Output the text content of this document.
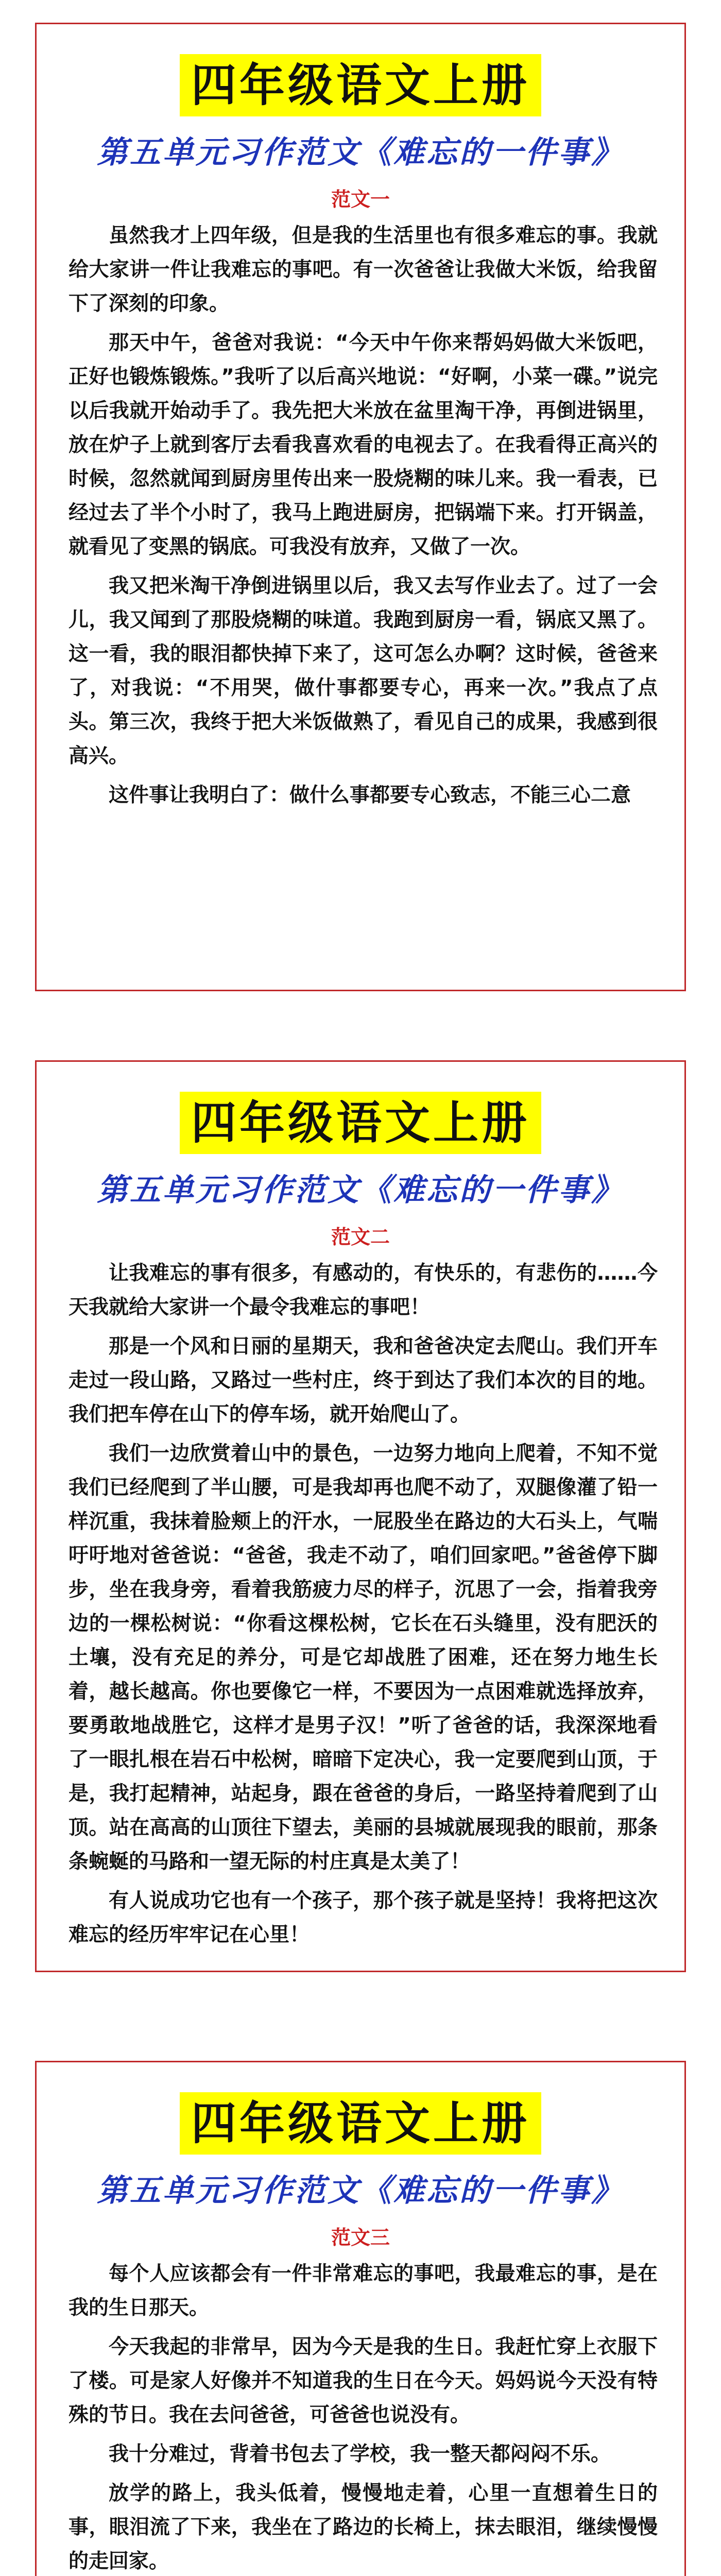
四年级语文上册
第五单元习作范文《难忘的一件事》
范文一

虽然我才上四年级，但是我的生活里也有很多难忘的事。我就给大家讲一件让我难忘的事吧。有一次爸爸让我做大米饭，给我留下了深刻的印象。

那天中午，爸爸对我说：“今天中午你来帮妈妈做大米饭吧，正好也锻炼锻炼。”我听了以后高兴地说：“好啊，小菜一碟。”说完以后我就开始动手了。我先把大米放在盆里淘干净，再倒进锅里，放在炉子上就到客厅去看我喜欢看的电视去了。在我看得正高兴的时候，忽然就闻到厨房里传出来一股烧糊的味儿来。我一看表，已经过去了半个小时了，我马上跑进厨房，把锅端下来。打开锅盖，就看见了变黑的锅底。可我没有放弃，又做了一次。

我又把米淘干净倒进锅里以后，我又去写作业去了。过了一会儿，我又闻到了那股烧糊的味道。我跑到厨房一看，锅底又黑了。这一看，我的眼泪都快掉下来了，这可怎么办啊？这时候，爸爸来了，对我说：“不用哭，做什事都要专心，再来一次。”我点了点头。第三次，我终于把大米饭做熟了，看见自己的成果，我感到很高兴。

这件事让我明白了：做什么事都要专心致志，不能三心二意

四年级语文上册
第五单元习作范文《难忘的一件事》
范文二

让我难忘的事有很多，有感动的，有快乐的，有悲伤的……今天我就给大家讲一个最令我难忘的事吧！

那是一个风和日丽的星期天，我和爸爸决定去爬山。我们开车走过一段山路，又路过一些村庄，终于到达了我们本次的目的地。我们把车停在山下的停车场，就开始爬山了。

我们一边欣赏着山中的景色，一边努力地向上爬着，不知不觉我们已经爬到了半山腰，可是我却再也爬不动了，双腿像灌了铅一样沉重，我抹着脸颊上的汗水，一屁股坐在路边的大石头上，气喘吁吁地对爸爸说：“爸爸，我走不动了，咱们回家吧。”爸爸停下脚步，坐在我身旁，看着我筋疲力尽的样子，沉思了一会，指着我旁边的一棵松树说：“你看这棵松树，它长在石头缝里，没有肥沃的土壤，没有充足的养分，可是它却战胜了困难，还在努力地生长着，越长越高。你也要像它一样，不要因为一点困难就选择放弃，要勇敢地战胜它，这样才是男子汉！”听了爸爸的话，我深深地看了一眼扎根在岩石中松树，暗暗下定决心，我一定要爬到山顶，于是，我打起精神，站起身，跟在爸爸的身后，一路坚持着爬到了山顶。站在高高的山顶往下望去，美丽的县城就展现我的眼前，那条条蜿蜒的马路和一望无际的村庄真是太美了！

有人说成功它也有一个孩子，那个孩子就是坚持！我将把这次难忘的经历牢牢记在心里！

四年级语文上册
第五单元习作范文《难忘的一件事》
范文三

每个人应该都会有一件非常难忘的事吧，我最难忘的事，是在我的生日那天。

今天我起的非常早，因为今天是我的生日。我赶忙穿上衣服下了楼。可是家人好像并不知道我的生日在今天。妈妈说今天没有特殊的节日。我在去问爸爸，可爸爸也说没有。

我十分难过，背着书包去了学校，我一整天都闷闷不乐。

放学的路上，我头低着，慢慢地走着，心里一直想着生日的事，眼泪流了下来，我坐在了路边的长椅上，抹去眼泪，继续慢慢的走回家。
